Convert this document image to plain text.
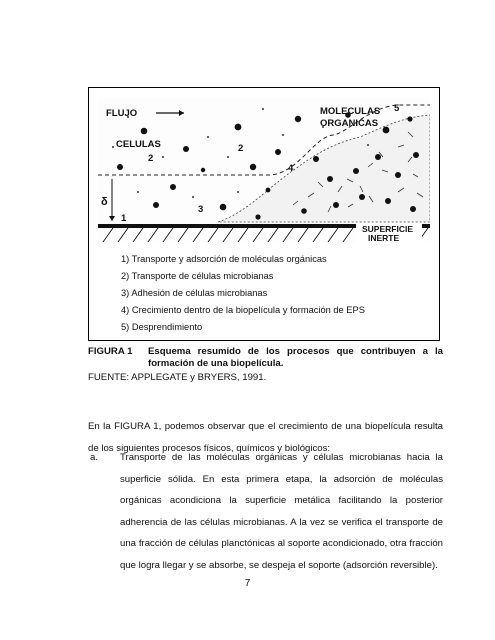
FLUJO	MOLECULAS
ORGANICAS
CELULAS
SUPERFICIE
INERTE
δ
1
2
2
3
4
5
1) Transporte y adsorción de moléculas orgánicas
2) Transporte de células microbianas
3) Adhesión de células microbianas
4) Crecimiento dentro de la biopelícula y formación de EPS
5) Desprendimiento
FIGURA 1 Esquema resumido de los procesos que contribuyen a la formación de una biopelícula.
FUENTE: APPLEGATE y BRYERS, 1991.

En la FIGURA 1, podemos observar que el crecimiento de una biopelícula resulta de los siguientes procesos físicos, químicos y biológicos:

a. Transporte de las moléculas orgánicas y células microbianas hacia la superficie sólida. En esta primera etapa, la adsorción de moléculas orgánicas acondiciona la superficie metálica facilitando la posterior adherencia de las células microbianas. A la vez se verifica el transporte de una fracción de células planctónicas al soporte acondicionado, otra fracción que logra llegar y se absorbe, se despeja el soporte (adsorción reversible).

7
